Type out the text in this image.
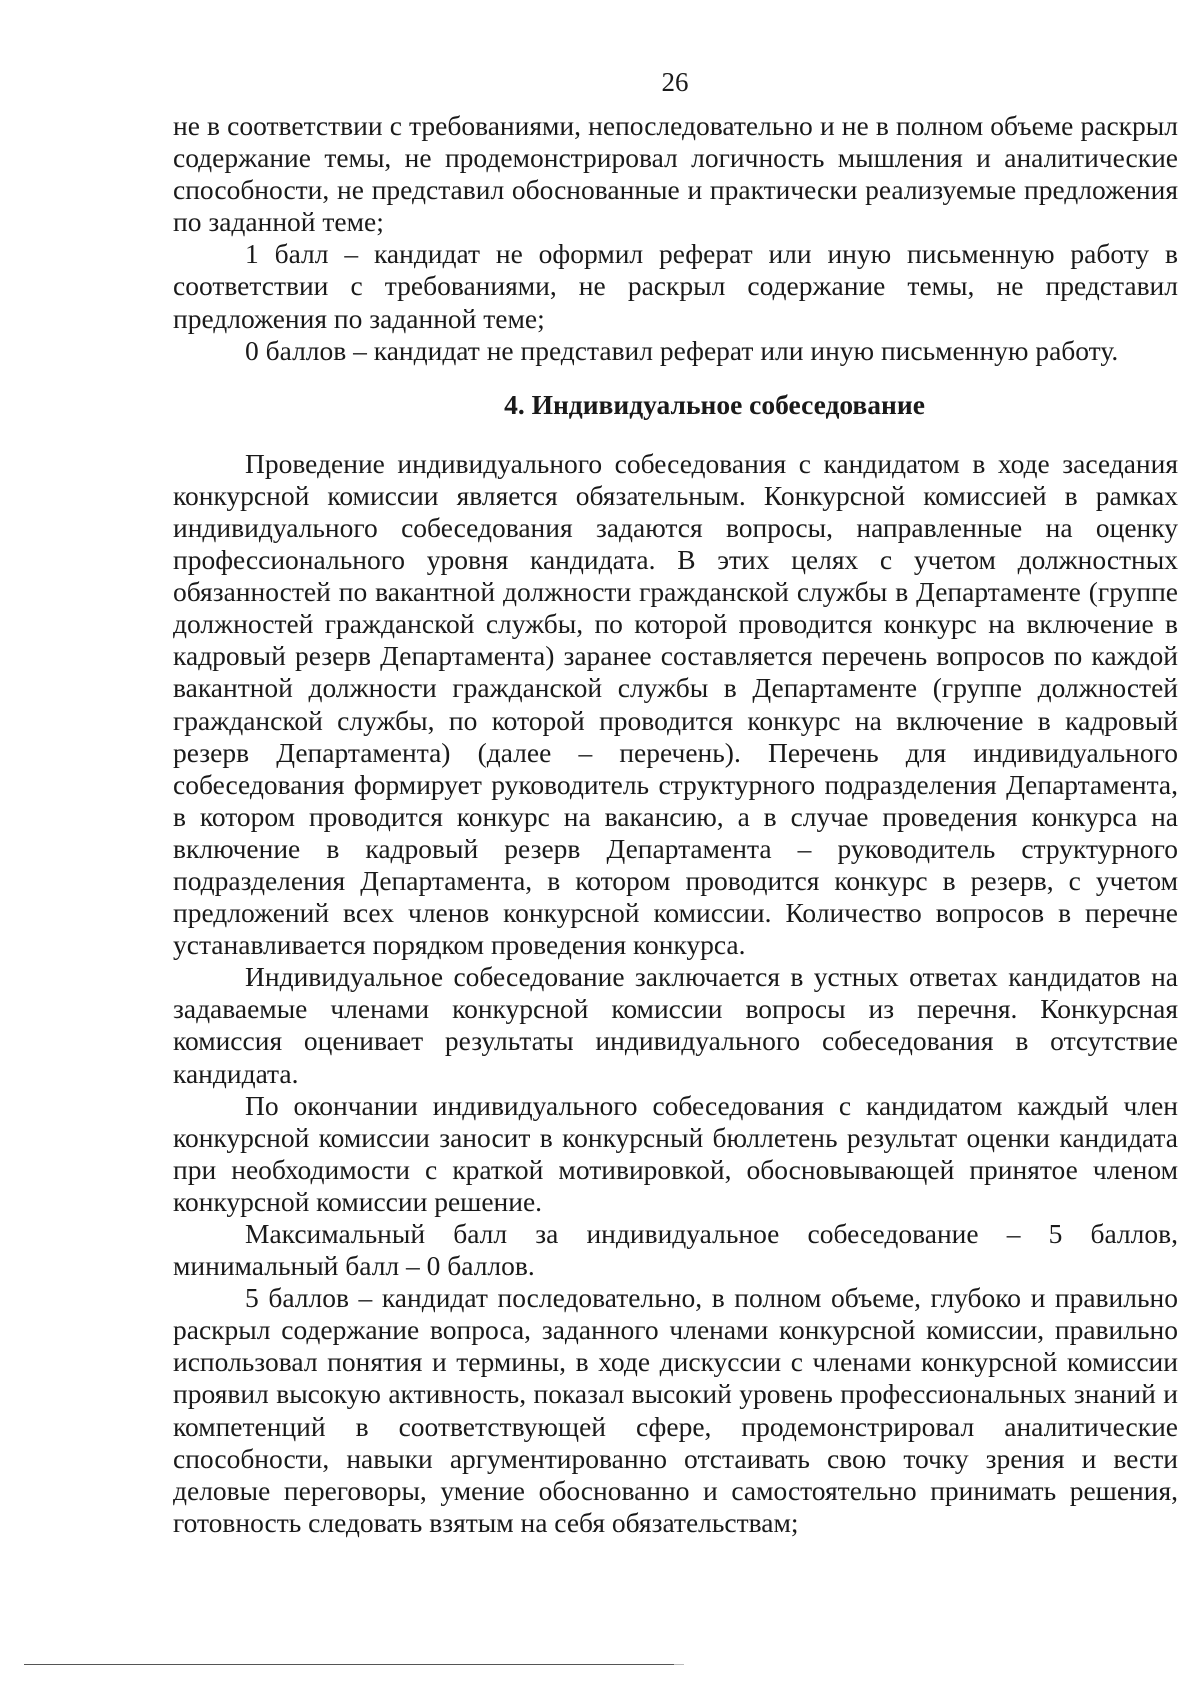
26

не в соответствии с требованиями, непоследовательно и не в полном объеме раскрыл содержание темы, не продемонстрировал логичность мышления и аналитические способности, не представил обоснованные и практически реализуемые предложения по заданной теме;

1 балл – кандидат не оформил реферат или иную письменную работу в соответствии с требованиями, не раскрыл содержание темы, не представил предложения по заданной теме;

0 баллов – кандидат не представил реферат или иную письменную работу.

4. Индивидуальное собеседование

Проведение индивидуального собеседования с кандидатом в ходе заседания конкурсной комиссии является обязательным. Конкурсной комиссией в рамках индивидуального собеседования задаются вопросы, направленные на оценку профессионального уровня кандидата. В этих целях с учетом должностных обязанностей по вакантной должности гражданской службы в Департаменте (группе должностей гражданской службы, по которой проводится конкурс на включение в кадровый резерв Департамента) заранее составляется перечень вопросов по каждой вакантной должности гражданской службы в Департаменте (группе должностей гражданской службы, по которой проводится конкурс на включение в кадровый резерв Департамента) (далее – перечень). Перечень для индивидуального собеседования формирует руководитель структурного подразделения Департамента, в котором проводится конкурс на вакансию, а в случае проведения конкурса на включение в кадровый резерв Департамента – руководитель структурного подразделения Департамента, в котором проводится конкурс в резерв, с учетом предложений всех членов конкурсной комиссии. Количество вопросов в перечне устанавливается порядком проведения конкурса.

Индивидуальное собеседование заключается в устных ответах кандидатов на задаваемые членами конкурсной комиссии вопросы из перечня. Конкурсная комиссия оценивает результаты индивидуального собеседования в отсутствие кандидата.

По окончании индивидуального собеседования с кандидатом каждый член конкурсной комиссии заносит в конкурсный бюллетень результат оценки кандидата при необходимости с краткой мотивировкой, обосновывающей принятое членом конкурсной комиссии решение.

Максимальный балл за индивидуальное собеседование – 5 баллов, минимальный балл – 0 баллов.

5 баллов – кандидат последовательно, в полном объеме, глубоко и правильно раскрыл содержание вопроса, заданного членами конкурсной комиссии, правильно использовал понятия и термины, в ходе дискуссии с членами конкурсной комиссии проявил высокую активность, показал высокий уровень профессиональных знаний и компетенций в соответствующей сфере, продемонстрировал аналитические способности, навыки аргументированно отстаивать свою точку зрения и вести деловые переговоры, умение обоснованно и самостоятельно принимать решения, готовность следовать взятым на себя обязательствам;
